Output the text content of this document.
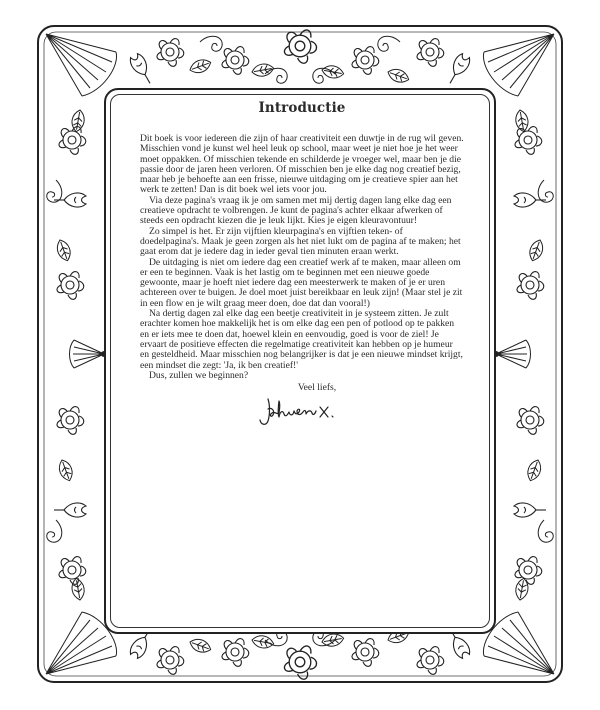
Introductie

Dit boek is voor iedereen die zijn of haar creativiteit een duwtje in de rug wil geven. Misschien vond je kunst wel heel leuk op school, maar weet je niet hoe je het weer moet oppakken. Of misschien tekende en schilderde je vroeger wel, maar ben je die passie door de jaren heen verloren. Of misschien ben je elke dag nog creatief bezig, maar heb je behoefte aan een frisse, nieuwe uitdaging om je creatieve spier aan het werk te zetten! Dan is dit boek wel iets voor jou.

Via deze pagina's vraag ik je om samen met mij dertig dagen lang elke dag een creatieve opdracht te volbrengen. Je kunt de pagina's achter elkaar afwerken of steeds een opdracht kiezen die je leuk lijkt. Kies je eigen kleuravontuur!

Zo simpel is het. Er zijn vijftien kleurpagina's en vijftien teken- of doedelpagina's. Maak je geen zorgen als het niet lukt om de pagina af te maken; het gaat erom dat je iedere dag in ieder geval tien minuten eraan werkt.

De uitdaging is niet om iedere dag een creatief werk af te maken, maar alleen om er een te beginnen. Vaak is het lastig om te beginnen met een nieuwe goede gewoonte, maar je hoeft niet iedere dag een meesterwerk te maken of je er uren achtereen over te buigen. Je doel moet juist bereikbaar en leuk zijn! (Maar stel je zit in een flow en je wilt graag meer doen, doe dat dan vooral!)

Na dertig dagen zal elke dag een beetje creativiteit in je systeem zitten. Je zult erachter komen hoe makkelijk het is om elke dag een pen of potlood op te pakken en er iets mee te doen dat, hoewel klein en eenvoudig, goed is voor de ziel! Je ervaart de positieve effecten die regelmatige creativiteit kan hebben op je humeur en gesteldheid. Maar misschien nog belangrijker is dat je een nieuwe mindset krijgt, een mindset die zegt: 'Ja, ik ben creatief!'

Dus, zullen we beginnen?

Veel liefs,
